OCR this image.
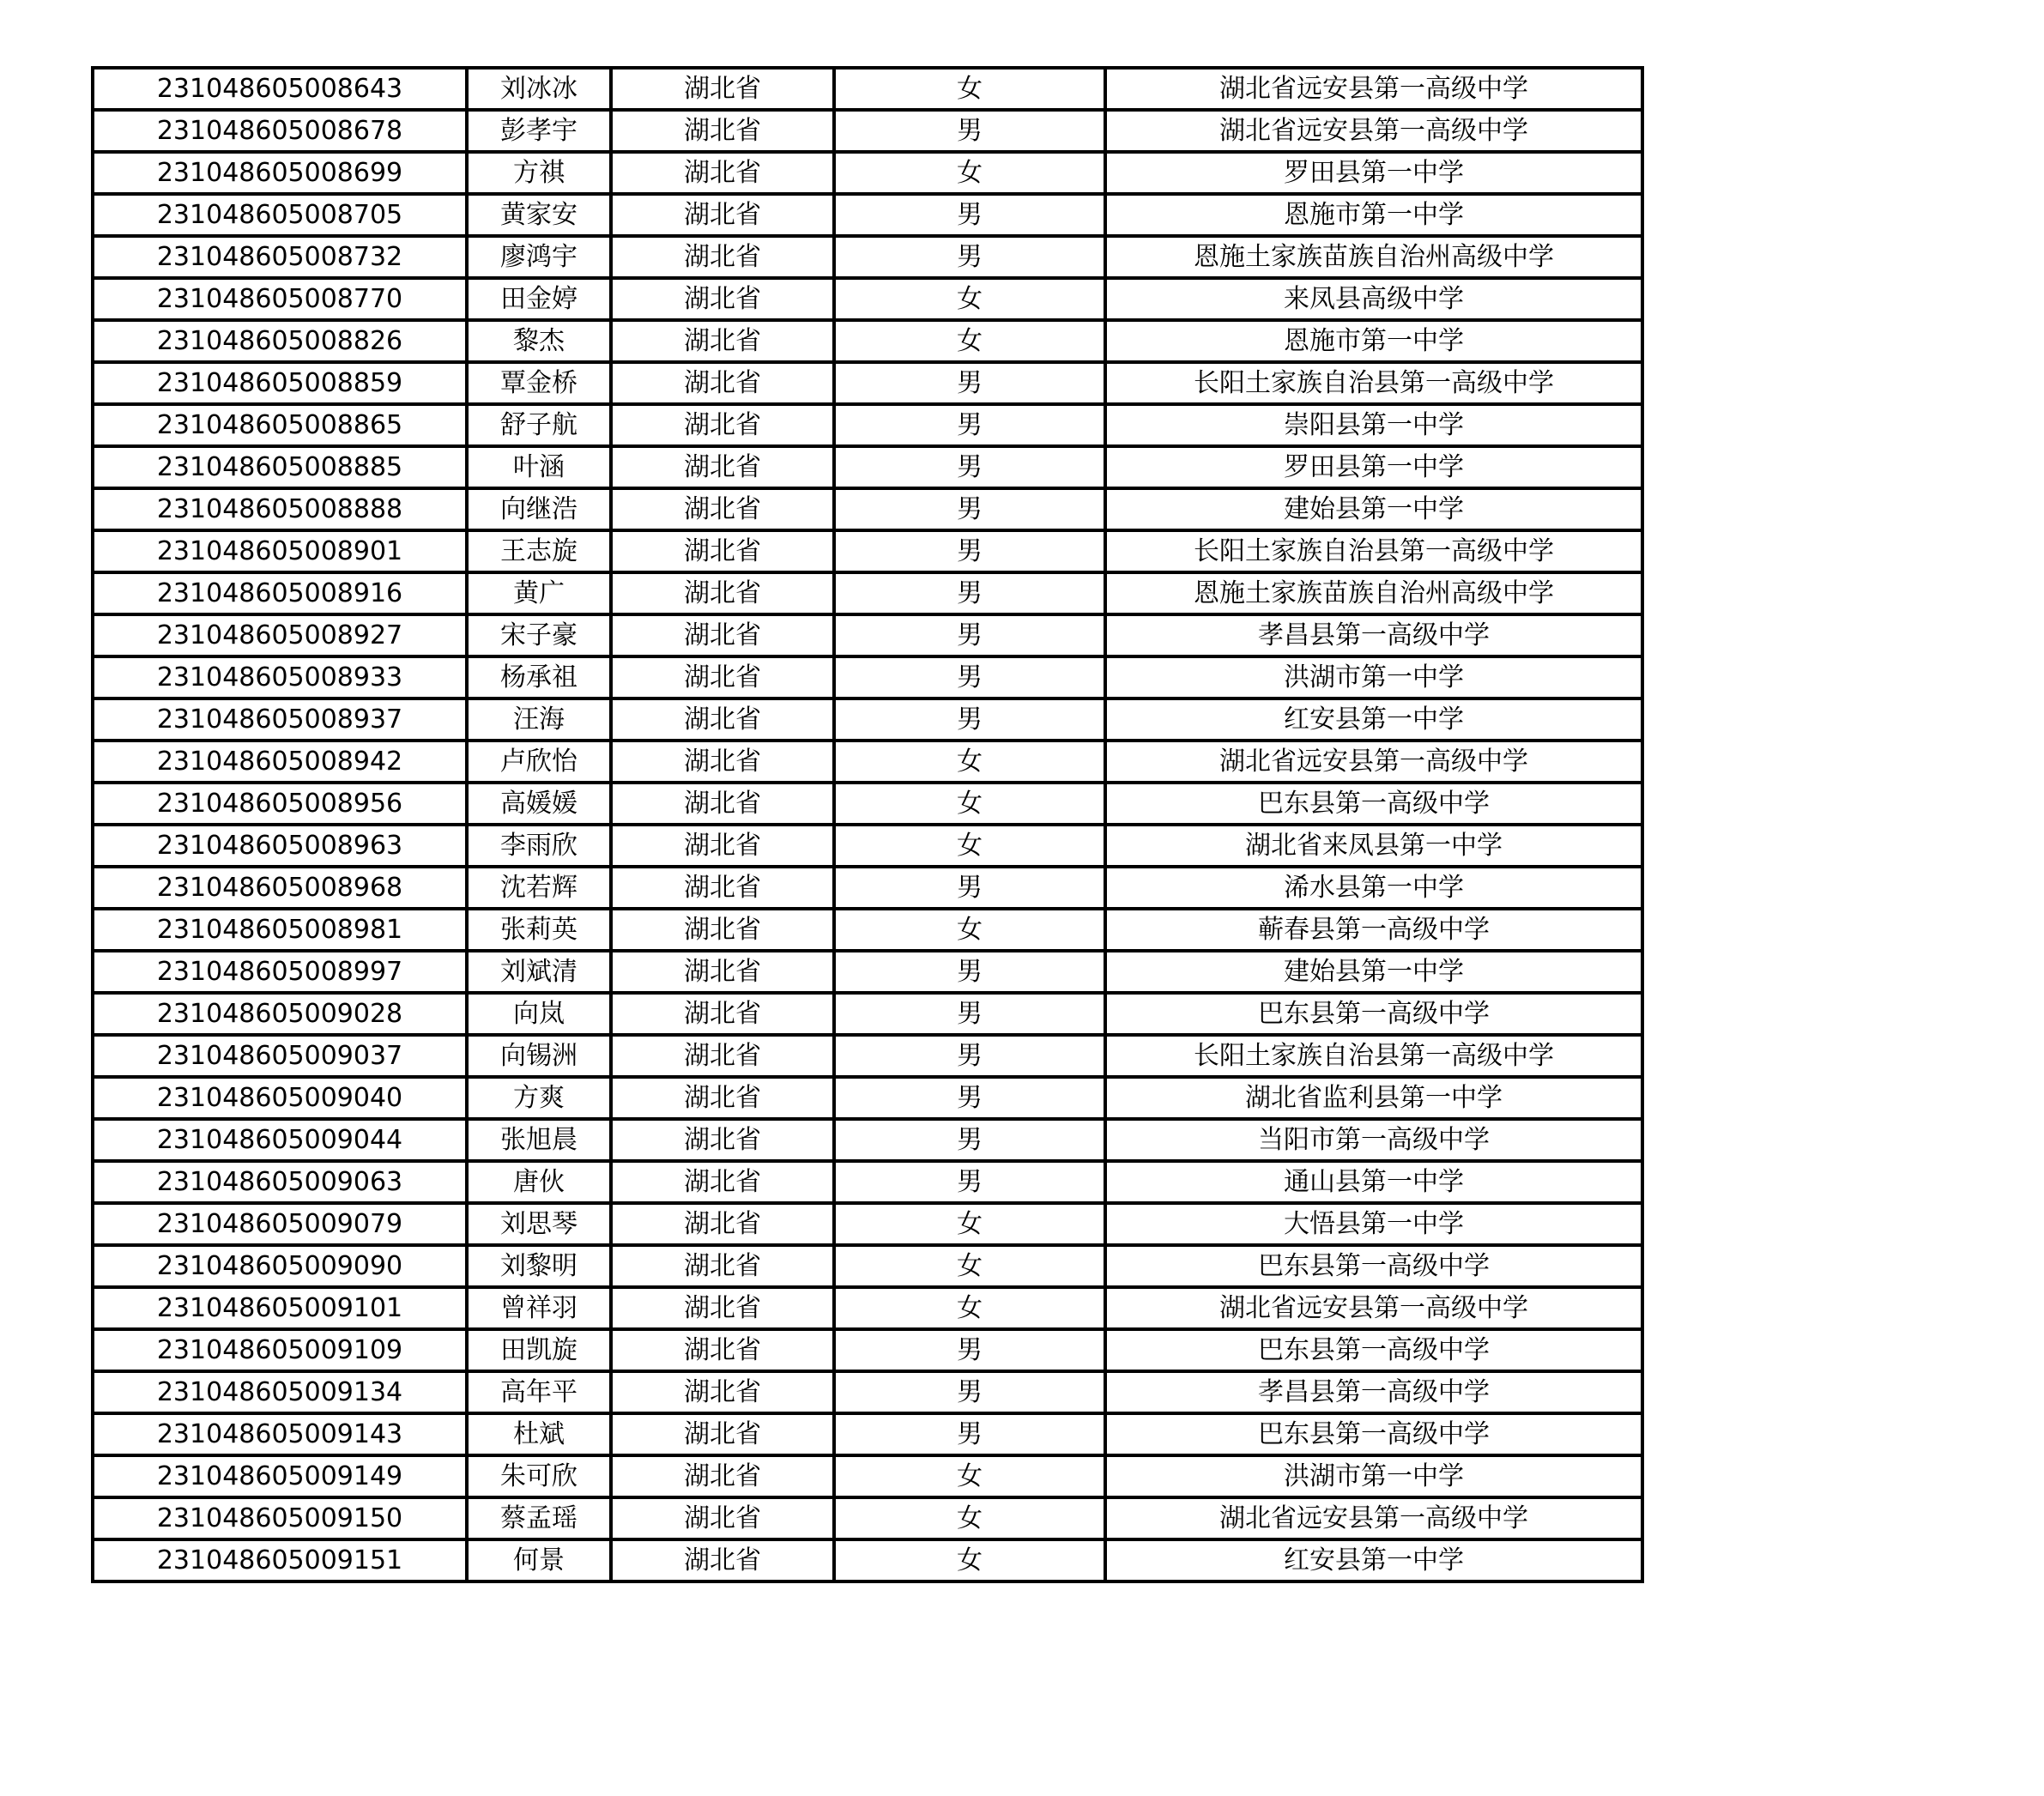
231048605008643	刘冰冰	湖北省	女	湖北省远安县第一高级中学
231048605008678	彭孝宇	湖北省	男	湖北省远安县第一高级中学
231048605008699	方祺	湖北省	女	罗田县第一中学
231048605008705	黄家安	湖北省	男	恩施市第一中学
231048605008732	廖鸿宇	湖北省	男	恩施土家族苗族自治州高级中学
231048605008770	田金婷	湖北省	女	来凤县高级中学
231048605008826	黎杰	湖北省	女	恩施市第一中学
231048605008859	覃金桥	湖北省	男	长阳土家族自治县第一高级中学
231048605008865	舒子航	湖北省	男	崇阳县第一中学
231048605008885	叶涵	湖北省	男	罗田县第一中学
231048605008888	向继浩	湖北省	男	建始县第一中学
231048605008901	王志旋	湖北省	男	长阳土家族自治县第一高级中学
231048605008916	黄广	湖北省	男	恩施土家族苗族自治州高级中学
231048605008927	宋子豪	湖北省	男	孝昌县第一高级中学
231048605008933	杨承祖	湖北省	男	洪湖市第一中学
231048605008937	汪海	湖北省	男	红安县第一中学
231048605008942	卢欣怡	湖北省	女	湖北省远安县第一高级中学
231048605008956	高媛媛	湖北省	女	巴东县第一高级中学
231048605008963	李雨欣	湖北省	女	湖北省来凤县第一中学
231048605008968	沈若辉	湖北省	男	浠水县第一中学
231048605008981	张莉英	湖北省	女	蕲春县第一高级中学
231048605008997	刘斌清	湖北省	男	建始县第一中学
231048605009028	向岚	湖北省	男	巴东县第一高级中学
231048605009037	向锡洲	湖北省	男	长阳土家族自治县第一高级中学
231048605009040	方爽	湖北省	男	湖北省监利县第一中学
231048605009044	张旭晨	湖北省	男	当阳市第一高级中学
231048605009063	唐伙	湖北省	男	通山县第一中学
231048605009079	刘思琴	湖北省	女	大悟县第一中学
231048605009090	刘黎明	湖北省	女	巴东县第一高级中学
231048605009101	曾祥羽	湖北省	女	湖北省远安县第一高级中学
231048605009109	田凯旋	湖北省	男	巴东县第一高级中学
231048605009134	高年平	湖北省	男	孝昌县第一高级中学
231048605009143	杜斌	湖北省	男	巴东县第一高级中学
231048605009149	朱可欣	湖北省	女	洪湖市第一中学
231048605009150	蔡孟瑶	湖北省	女	湖北省远安县第一高级中学
231048605009151	何景	湖北省	女	红安县第一中学
